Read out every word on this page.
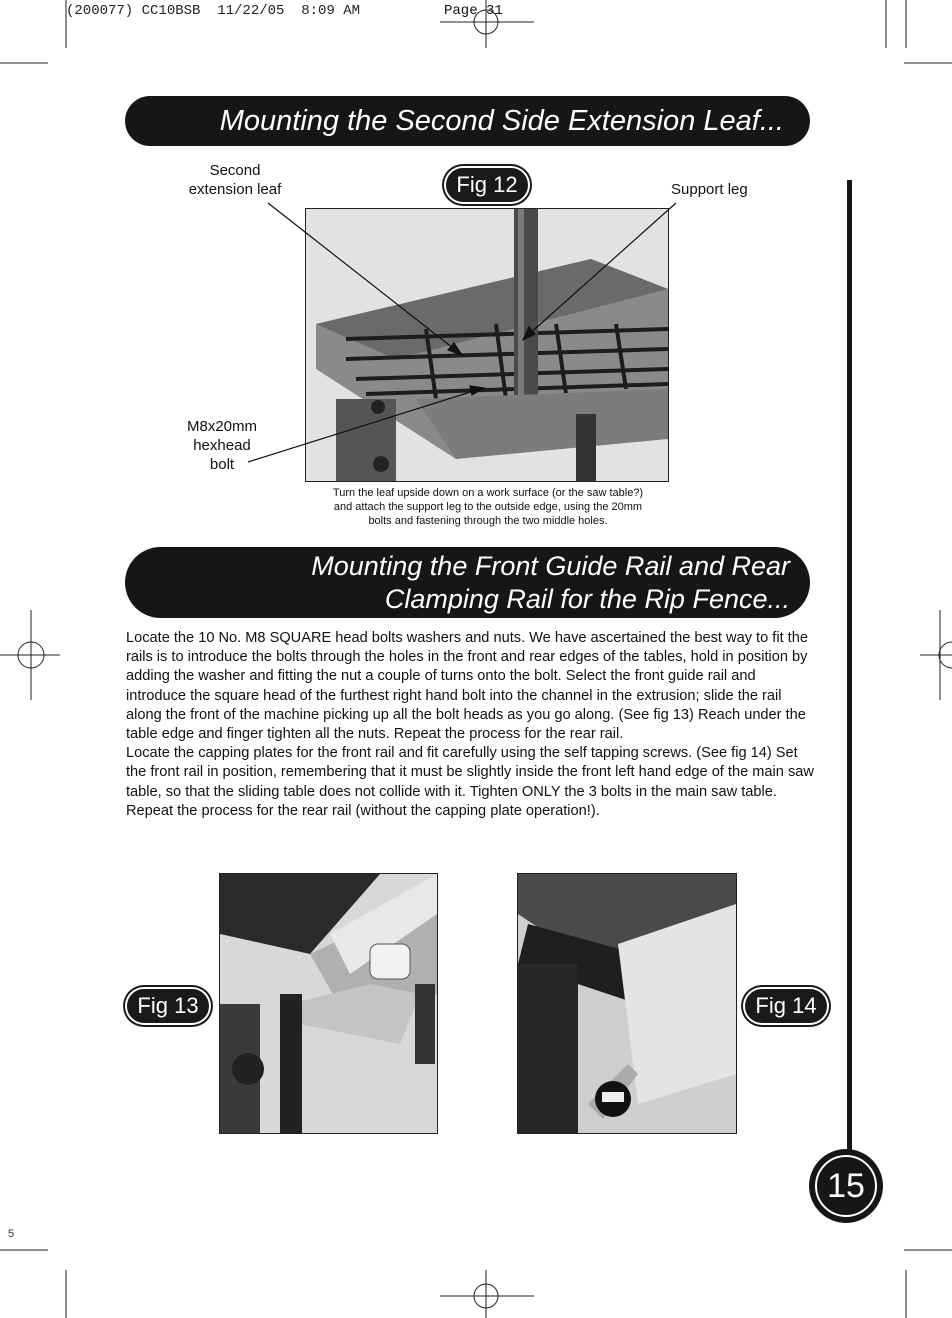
(200077) CC10BSB  11/22/05  8:09 AM	Page 31
Mounting the Second Side Extension Leaf...
Second
extension leaf	Fig 12	Support leg
M8x20mm
hexhead
bolt
Turn the leaf upside down on a work surface (or the saw table?)
and attach the support leg to the outside edge, using the 20mm
bolts and fastening through the two middle holes.
Mounting the Front Guide Rail and Rear
Clamping Rail for the Rip Fence...

Locate the 10 No. M8 SQUARE head bolts washers and nuts. We have ascertained the best way to fit the rails is to introduce the bolts through the holes in the front and rear edges of the tables, hold in position by adding the washer and fitting the nut a couple of turns onto the bolt. Select the front guide rail and introduce the square head of the furthest right hand bolt into the channel in the extrusion; slide the rail along the front of the machine picking up all the bolt heads as you go along. (See fig 13) Reach under the table edge and finger tighten all the nuts. Repeat the process for the rear rail.

Locate the capping plates for the front rail and fit carefully using the self tapping screws. (See fig 14) Set the front rail in position, remembering that it must be slightly inside the front left hand edge of the main saw table, so that the sliding table does not collide with it. Tighten ONLY the 3 bolts in the main saw table. Repeat the process for the rear rail (without the capping plate operation!).

Fig 13	Fig 14
15
5
